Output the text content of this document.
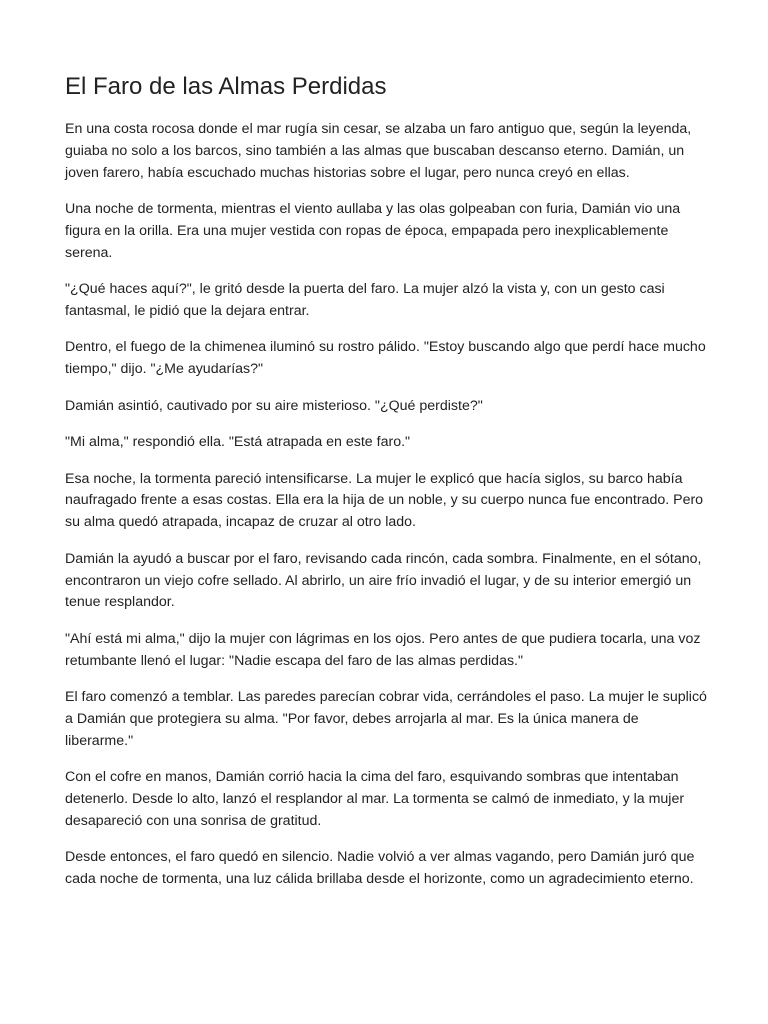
El Faro de las Almas Perdidas

En una costa rocosa donde el mar rugía sin cesar, se alzaba un faro antiguo que, según la leyenda, guiaba no solo a los barcos, sino también a las almas que buscaban descanso eterno. Damián, un joven farero, había escuchado muchas historias sobre el lugar, pero nunca creyó en ellas.

Una noche de tormenta, mientras el viento aullaba y las olas golpeaban con furia, Damián vio una figura en la orilla. Era una mujer vestida con ropas de época, empapada pero inexplicablemente serena.

"¿Qué haces aquí?", le gritó desde la puerta del faro. La mujer alzó la vista y, con un gesto casi fantasmal, le pidió que la dejara entrar.

Dentro, el fuego de la chimenea iluminó su rostro pálido. "Estoy buscando algo que perdí hace mucho tiempo," dijo. "¿Me ayudarías?"

Damián asintió, cautivado por su aire misterioso. "¿Qué perdiste?"

"Mi alma," respondió ella. "Está atrapada en este faro."

Esa noche, la tormenta pareció intensificarse. La mujer le explicó que hacía siglos, su barco había naufragado frente a esas costas. Ella era la hija de un noble, y su cuerpo nunca fue encontrado. Pero su alma quedó atrapada, incapaz de cruzar al otro lado.

Damián la ayudó a buscar por el faro, revisando cada rincón, cada sombra. Finalmente, en el sótano, encontraron un viejo cofre sellado. Al abrirlo, un aire frío invadió el lugar, y de su interior emergió un tenue resplandor.

"Ahí está mi alma," dijo la mujer con lágrimas en los ojos. Pero antes de que pudiera tocarla, una voz retumbante llenó el lugar: "Nadie escapa del faro de las almas perdidas."

El faro comenzó a temblar. Las paredes parecían cobrar vida, cerrándoles el paso. La mujer le suplicó a Damián que protegiera su alma. "Por favor, debes arrojarla al mar. Es la única manera de liberarme."

Con el cofre en manos, Damián corrió hacia la cima del faro, esquivando sombras que intentaban detenerlo. Desde lo alto, lanzó el resplandor al mar. La tormenta se calmó de inmediato, y la mujer desapareció con una sonrisa de gratitud.

Desde entonces, el faro quedó en silencio. Nadie volvió a ver almas vagando, pero Damián juró que cada noche de tormenta, una luz cálida brillaba desde el horizonte, como un agradecimiento eterno.
